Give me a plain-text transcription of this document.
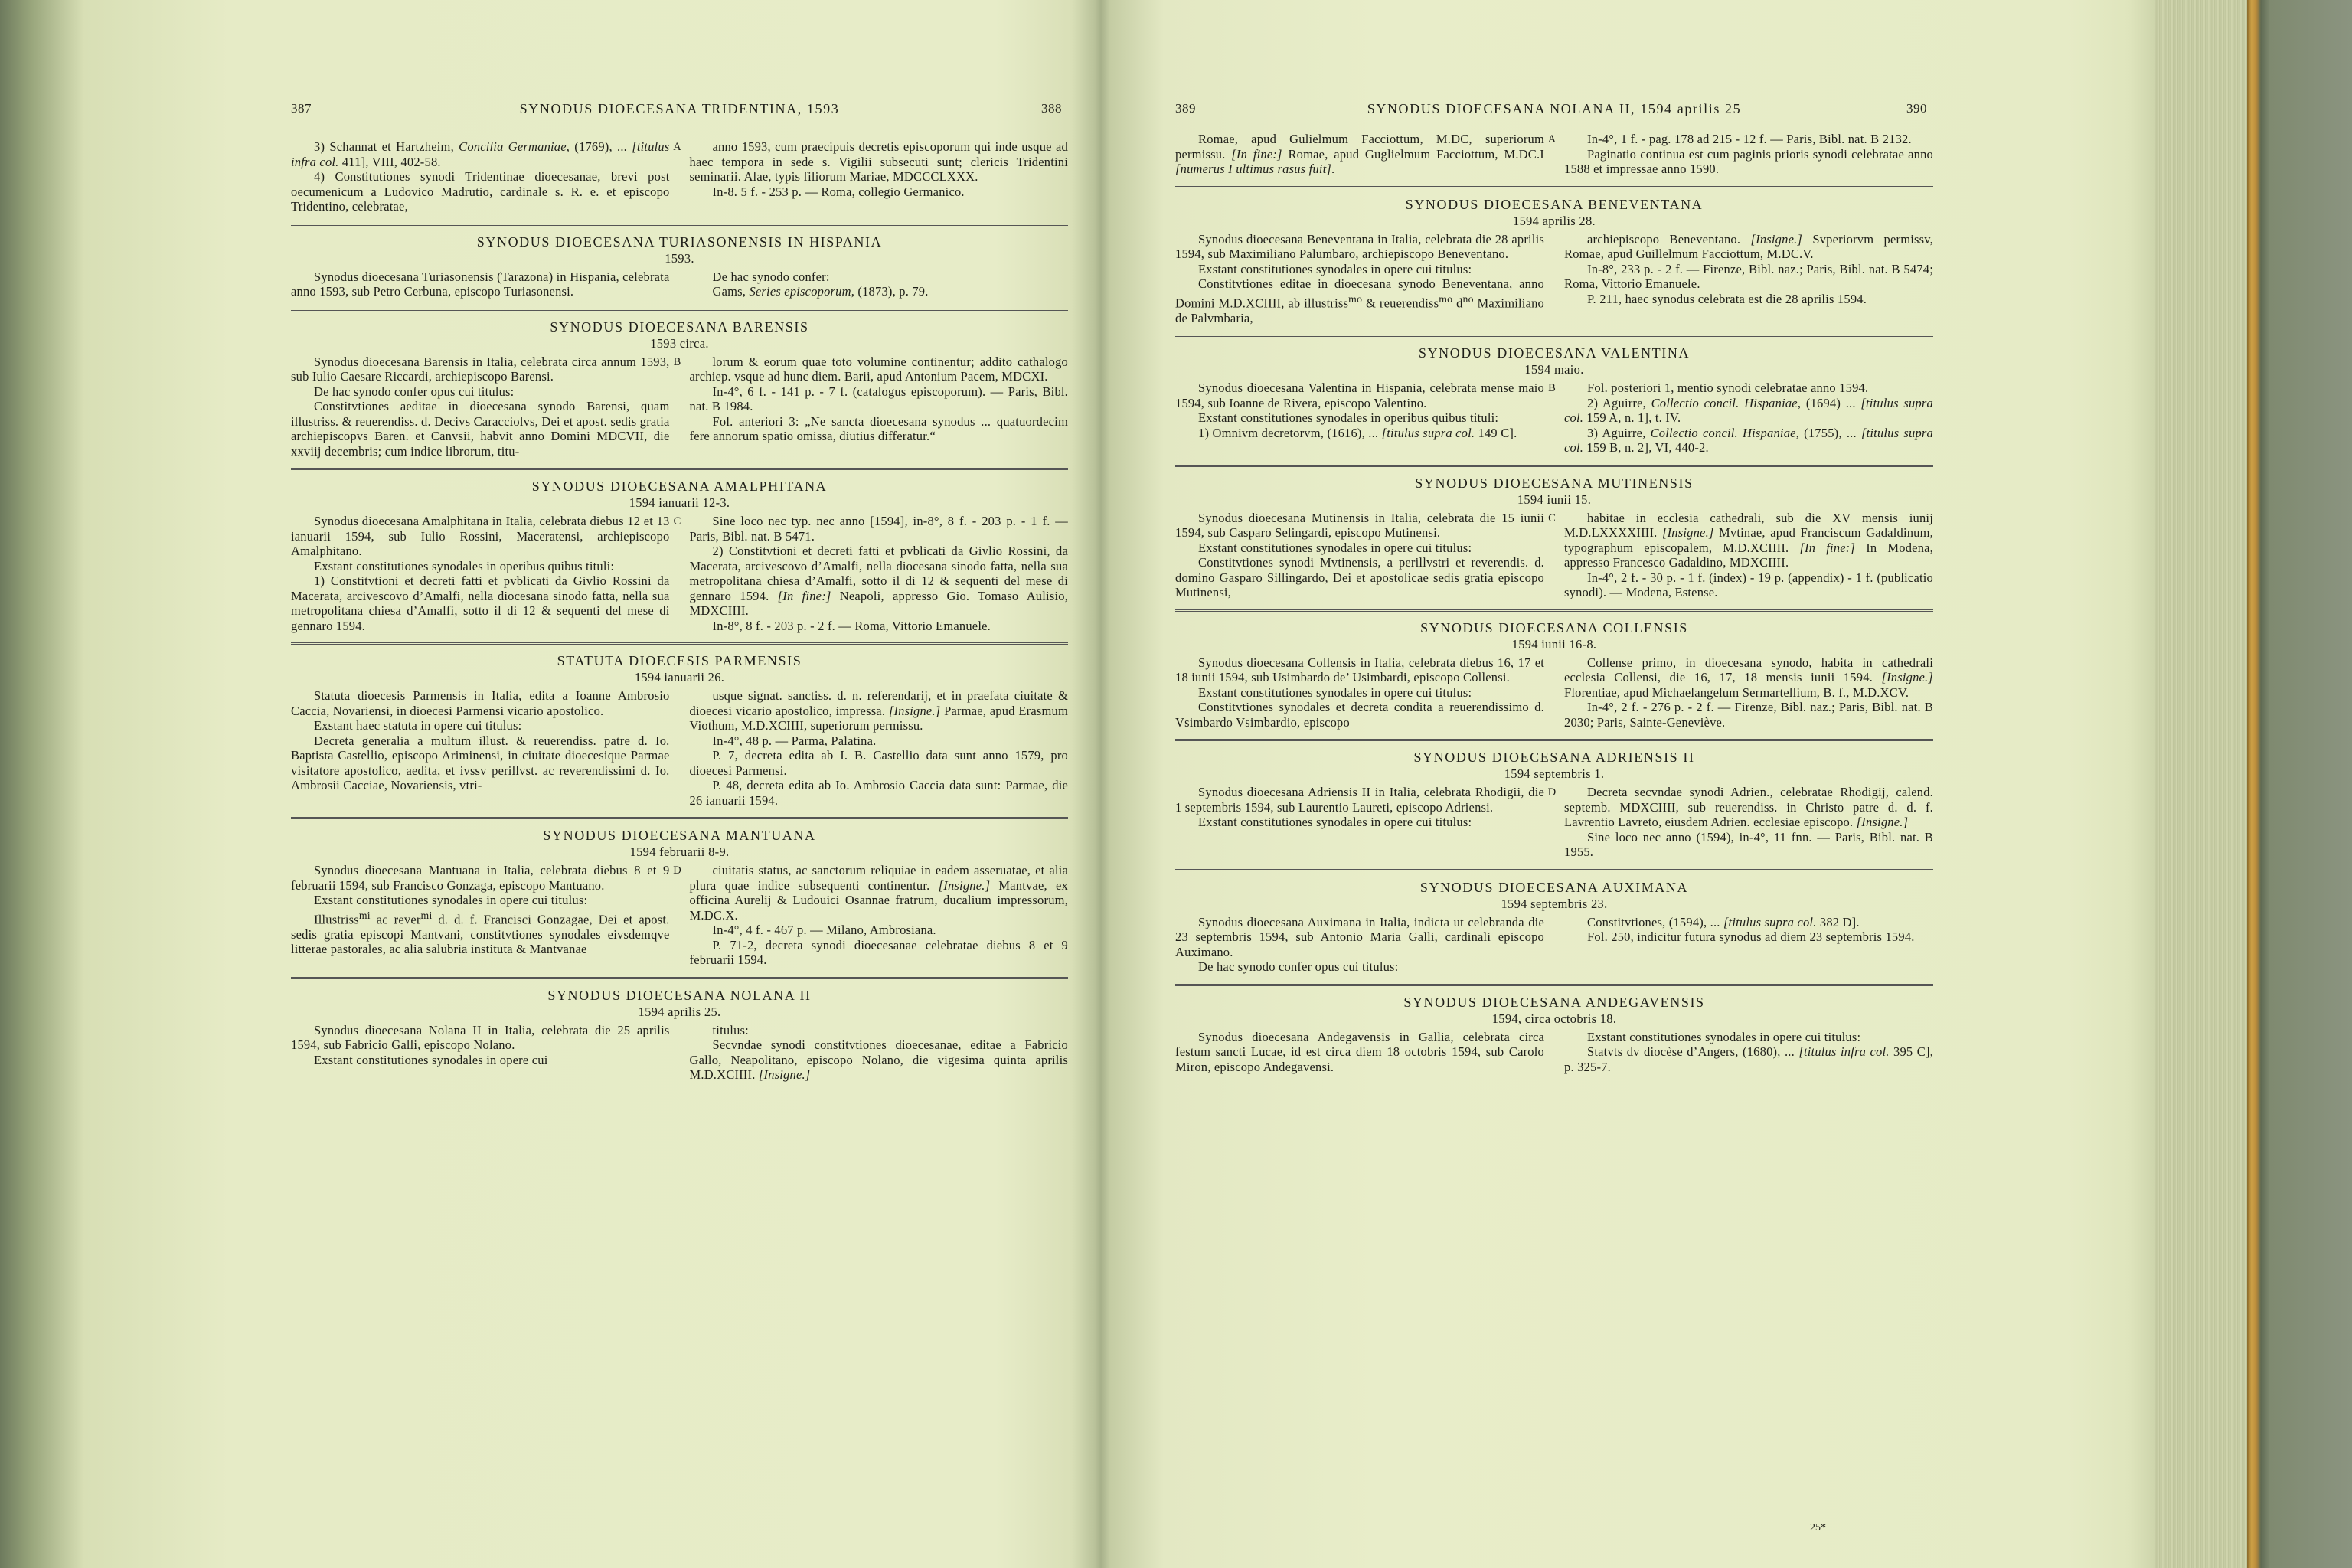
387	SYNODUS DIOECESANA TRIDENTINA, 1593	388

3) Schannat et Hartzheim, Concilia Germaniae, (1769), ... [titulus infra col. 411], VIII, 402-58.

4) Constitutiones synodi Tridentinae dioecesanae, brevi post oecumenicum a Ludovico Madrutio, cardinale s. R. e. et episcopo Tridentino, celebratae,

anno 1593, cum praecipuis decretis episcoporum qui inde usque ad haec tempora in sede s. Vigilii subsecuti sunt; clericis Tridentini seminarii. Alae, typis filiorum Mariae, MDCCCLXXX.

In-8. 5 f. - 253 p. — Roma, collegio Germanico.

A
SYNODUS DIOECESANA TURIASONENSIS IN HISPANIA
1593.

Synodus dioecesana Turiasonensis (Tarazona) in Hispania, celebrata anno 1593, sub Petro Cerbuna, episcopo Turiasonensi.

De hac synodo confer:

Gams, Series episcoporum, (1873), p. 79.

SYNODUS DIOECESANA BARENSIS
1593 circa.

Synodus dioecesana Barensis in Italia, celebrata circa annum 1593, sub Iulio Caesare Riccardi, archiepiscopo Barensi.

De hac synodo confer opus cui titulus:

Constitvtiones aeditae in dioecesana synodo Barensi, quam illustriss. & reuerendiss. d. Decivs Caracciolvs, Dei et apost. sedis gratia archiepiscopvs Baren. et Canvsii, habvit anno Domini MDCVII, die xxviij decembris; cum indice librorum, titu-

lorum & eorum quae toto volumine continentur; addito cathalogo archiep. vsque ad hunc diem. Barii, apud Antonium Pacem, MDCXI.

In-4°, 6 f. - 141 p. - 7 f. (catalogus episcoporum). — Paris, Bibl. nat. B 1984.

Fol. anteriori 3: „Ne sancta dioecesana synodus ... quatuordecim fere annorum spatio omissa, diutius differatur.“

B
SYNODUS DIOECESANA AMALPHITANA
1594 ianuarii 12-3.

Synodus dioecesana Amalphitana in Italia, celebrata diebus 12 et 13 ianuarii 1594, sub Iulio Rossini, Maceratensi, archiepiscopo Amalphitano.

Exstant constitutiones synodales in operibus quibus tituli:

1) Constitvtioni et decreti fatti et pvblicati da Givlio Rossini da Macerata, arcivescovo d’Amalfi, nella diocesana sinodo fatta, nella sua metropolitana chiesa d’Amalfi, sotto il di 12 & sequenti del mese di gennaro 1594.

Sine loco nec typ. nec anno [1594], in-8°, 8 f. - 203 p. - 1 f. — Paris, Bibl. nat. B 5471.

2) Constitvtioni et decreti fatti et pvblicati da Givlio Rossini, da Macerata, arcivescovo d’Amalfi, nella diocesana sinodo fatta, nella sua metropolitana chiesa d’Amalfi, sotto il di 12 & sequenti del mese di gennaro 1594. [In fine:] Neapoli, appresso Gio. Tomaso Aulisio, MDXCIIII.

In-8°, 8 f. - 203 p. - 2 f. — Roma, Vittorio Emanuele.

C
STATUTA DIOECESIS PARMENSIS
1594 ianuarii 26.

Statuta dioecesis Parmensis in Italia, edita a Ioanne Ambrosio Caccia, Novariensi, in dioecesi Parmensi vicario apostolico.

Exstant haec statuta in opere cui titulus:

Decreta generalia a multum illust. & reuerendiss. patre d. Io. Baptista Castellio, episcopo Ariminensi, in ciuitate dioecesique Parmae visitatore apostolico, aedita, et ivssv perillvst. ac reverendissimi d. Io. Ambrosii Cacciae, Novariensis, vtri-

usque signat. sanctiss. d. n. referendarij, et in praefata ciuitate & dioecesi vicario apostolico, impressa. [Insigne.] Parmae, apud Erasmum Viothum, M.D.XCIIII, superiorum permissu.

In-4°, 48 p. — Parma, Palatina.

P. 7, decreta edita ab I. B. Castellio data sunt anno 1579, pro dioecesi Parmensi.

P. 48, decreta edita ab Io. Ambrosio Caccia data sunt: Parmae, die 26 ianuarii 1594.

SYNODUS DIOECESANA MANTUANA
1594 februarii 8-9.

Synodus dioecesana Mantuana in Italia, celebrata diebus 8 et 9 februarii 1594, sub Francisco Gonzaga, episcopo Mantuano.

Exstant constitutiones synodales in opere cui titulus:

Illustriss$^{mi}$ ac rever$^{mi}$ d. d. f. Francisci Gonzagae, Dei et apost. sedis gratia episcopi Mantvani, constitvtiones synodales eivsdemqve litterae pastorales, ac alia salubria instituta & Mantvanae

ciuitatis status, ac sanctorum reliquiae in eadem asseruatae, et alia plura quae indice subsequenti continentur. [Insigne.] Mantvae, ex officina Aurelij & Ludouici Osannae fratrum, ducalium impressorum, M.DC.X.

In-4°, 4 f. - 467 p. — Milano, Ambrosiana.

P. 71-2, decreta synodi dioecesanae celebratae diebus 8 et 9 februarii 1594.

D
SYNODUS DIOECESANA NOLANA II
1594 aprilis 25.

Synodus dioecesana Nolana II in Italia, celebrata die 25 aprilis 1594, sub Fabricio Galli, episcopo Nolano.

Exstant constitutiones synodales in opere cui

titulus:

Secvndae synodi constitvtiones dioecesanae, editae a Fabricio Gallo, Neapolitano, episcopo Nolano, die vigesima quinta aprilis M.D.XCIIII. [Insigne.]

389	SYNODUS DIOECESANA NOLANA II, 1594 aprilis 25	390

Romae, apud Gulielmum Facciottum, M.DC, superiorum permissu. [In fine:] Romae, apud Guglielmum Facciottum, M.DC.I [numerus I ultimus rasus fuit].

In-4°, 1 f. - pag. 178 ad 215 - 12 f. — Paris, Bibl. nat. B 2132.

Paginatio continua est cum paginis prioris synodi celebratae anno 1588 et impressae anno 1590.

A
SYNODUS DIOECESANA BENEVENTANA
1594 aprilis 28.

Synodus dioecesana Beneventana in Italia, celebrata die 28 aprilis 1594, sub Maximiliano Palumbaro, archiepiscopo Beneventano.

Exstant constitutiones synodales in opere cui titulus:

Constitvtiones editae in dioecesana synodo Beneventana, anno Domini M.D.XCIIII, ab illustriss$^{mo}$ & reuerendiss$^{mo}$ $d^{no}$ Maximiliano de Palvmbaria,

archiepiscopo Beneventano. [Insigne.] Svperiorvm permissv, Romae, apud Guillelmum Facciottum, M.DC.V.

In-8°, 233 p. - 2 f. — Firenze, Bibl. naz.; Paris, Bibl. nat. B 5474; Roma, Vittorio Emanuele.

P. 211, haec synodus celebrata est die 28 aprilis 1594.

SYNODUS DIOECESANA VALENTINA
1594 maio.

Synodus dioecesana Valentina in Hispania, celebrata mense maio 1594, sub Ioanne de Rivera, episcopo Valentino.

Exstant constitutiones synodales in operibus quibus tituli:

1) Omnivm decretorvm, (1616), ... [titulus supra col. 149 C].

Fol. posteriori 1, mentio synodi celebratae anno 1594.

2) Aguirre, Collectio concil. Hispaniae, (1694) ... [titulus supra col. 159 A, n. 1], t. IV.

3) Aguirre, Collectio concil. Hispaniae, (1755), ... [titulus supra col. 159 B, n. 2], VI, 440-2.

B
SYNODUS DIOECESANA MUTINENSIS
1594 iunii 15.

Synodus dioecesana Mutinensis in Italia, celebrata die 15 iunii 1594, sub Casparo Selingardi, episcopo Mutinensi.

Exstant constitutiones synodales in opere cui titulus:

Constitvtiones synodi Mvtinensis, a perillvstri et reverendis. d. domino Gasparo Sillingardo, Dei et apostolicae sedis gratia episcopo Mutinensi,

habitae in ecclesia cathedrali, sub die XV mensis iunij M.D.LXXXXIIII. [Insigne.] Mvtinae, apud Franciscum Gadaldinum, typographum episcopalem, M.D.XCIIII. [In fine:] In Modena, appresso Francesco Gadaldino, MDXCIIII.

In-4°, 2 f. - 30 p. - 1 f. (index) - 19 p. (appendix) - 1 f. (publicatio synodi). — Modena, Estense.

C
SYNODUS DIOECESANA COLLENSIS
1594 iunii 16-8.

Synodus dioecesana Collensis in Italia, celebrata diebus 16, 17 et 18 iunii 1594, sub Usimbardo de’ Usimbardi, episcopo Collensi.

Exstant constitutiones synodales in opere cui titulus:

Constitvtiones synodales et decreta condita a reuerendissimo d. Vsimbardo Vsimbardio, episcopo

Collense primo, in dioecesana synodo, habita in cathedrali ecclesia Collensi, die 16, 17, 18 mensis iunii 1594. [Insigne.] Florentiae, apud Michaelangelum Sermartellium, B. f., M.D.XCV.

In-4°, 2 f. - 276 p. - 2 f. — Firenze, Bibl. naz.; Paris, Bibl. nat. B 2030; Paris, Sainte-Geneviève.

SYNODUS DIOECESANA ADRIENSIS II
1594 septembris 1.

Synodus dioecesana Adriensis II in Italia, celebrata Rhodigii, die 1 septembris 1594, sub Laurentio Laureti, episcopo Adriensi.

Exstant constitutiones synodales in opere cui titulus:

Decreta secvndae synodi Adrien., celebratae Rhodigij, calend. septemb. MDXCIIII, sub reuerendiss. in Christo patre d. d. f. Lavrentio Lavreto, eiusdem Adrien. ecclesiae episcopo. [Insigne.]

Sine loco nec anno (1594), in-4°, 11 fnn. — Paris, Bibl. nat. B 1955.

D
SYNODUS DIOECESANA AUXIMANA
1594 septembris 23.

Synodus dioecesana Auximana in Italia, indicta ut celebranda die 23 septembris 1594, sub Antonio Maria Galli, cardinali episcopo Auximano.

De hac synodo confer opus cui titulus:

Constitvtiones, (1594), ... [titulus supra col. 382 D].

Fol. 250, indicitur futura synodus ad diem 23 septembris 1594.

SYNODUS DIOECESANA ANDEGAVENSIS
1594, circa octobris 18.

Synodus dioecesana Andegavensis in Gallia, celebrata circa festum sancti Lucae, id est circa diem 18 octobris 1594, sub Carolo Miron, episcopo Andegavensi.

Exstant constitutiones synodales in opere cui titulus:

Statvts dv diocèse d’Angers, (1680), ... [titulus infra col. 395 C], p. 325-7.

25*
